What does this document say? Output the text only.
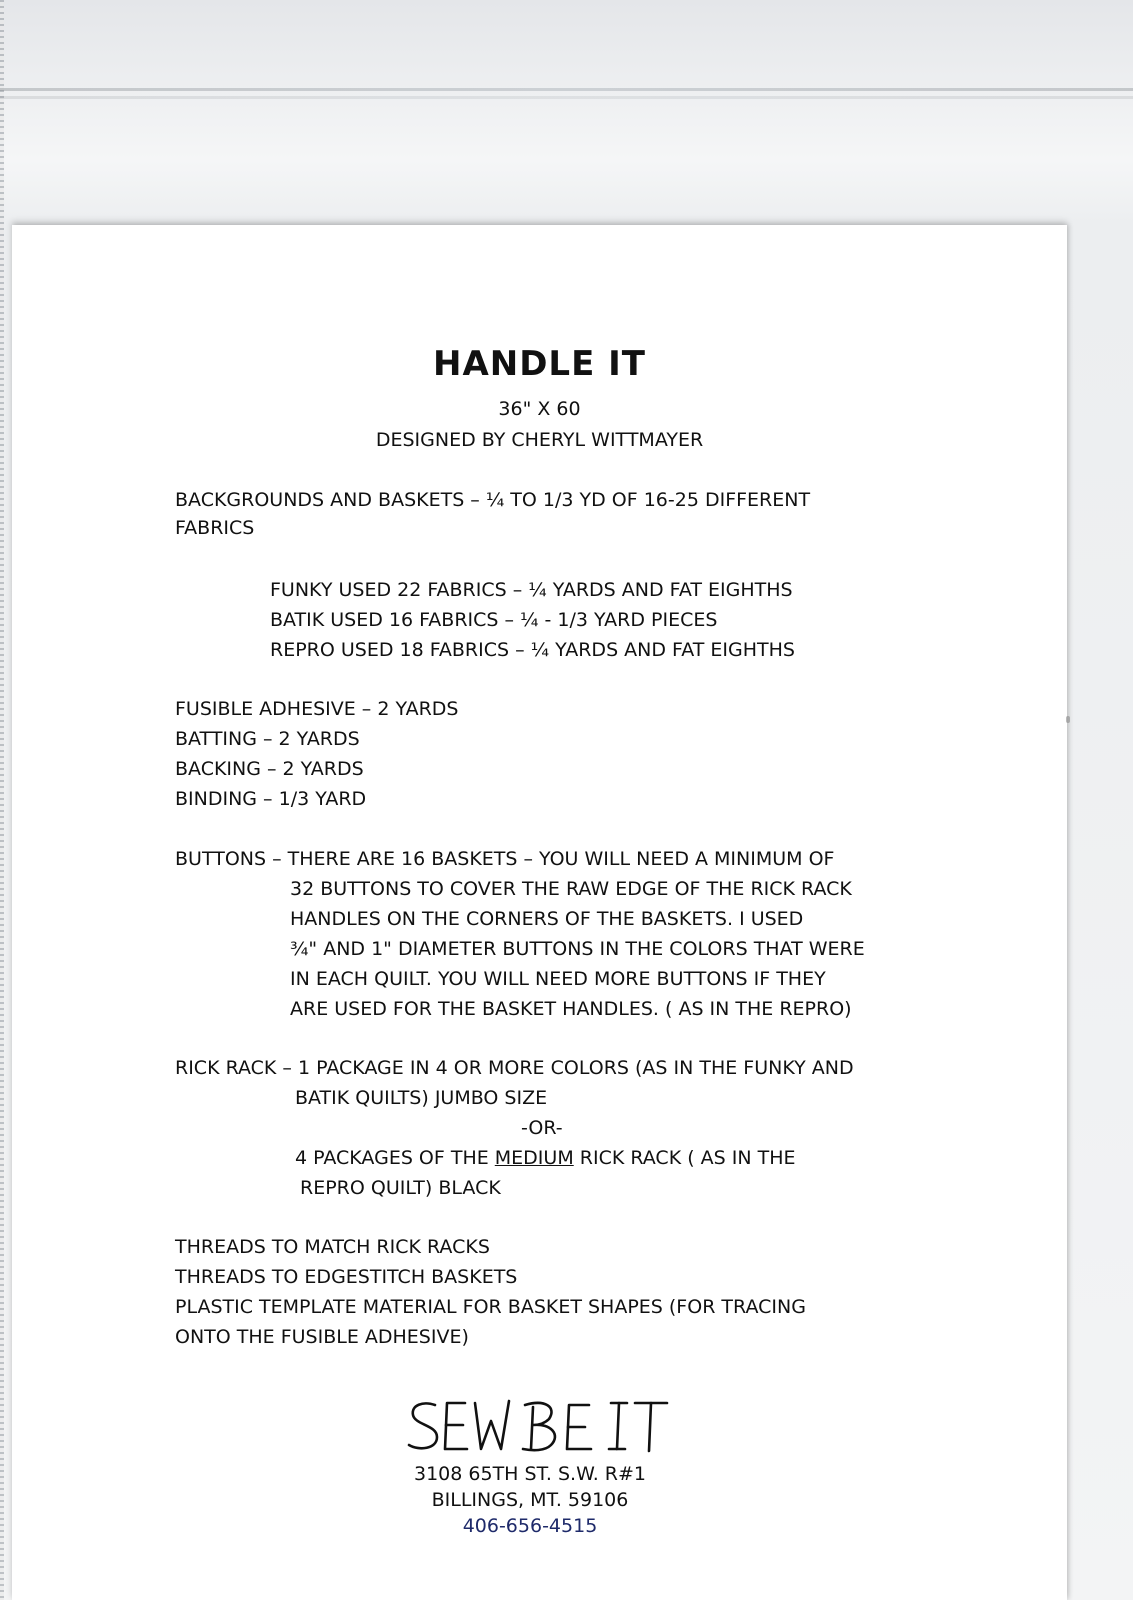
HANDLE IT
36" X 60
DESIGNED BY CHERYL WITTMAYER
BACKGROUNDS AND BASKETS – ¼ TO 1/3 YD OF 16-25 DIFFERENT
FABRICS
FUNKY USED 22 FABRICS – ¼ YARDS AND FAT EIGHTHS
BATIK USED 16 FABRICS – ¼ - 1/3 YARD PIECES
REPRO USED 18 FABRICS – ¼ YARDS AND FAT EIGHTHS
FUSIBLE ADHESIVE – 2 YARDS
BATTING – 2 YARDS
BACKING – 2 YARDS
BINDING – 1/3 YARD
BUTTONS – THERE ARE 16 BASKETS – YOU WILL NEED A MINIMUM OF
32 BUTTONS TO COVER THE RAW EDGE OF THE RICK RACK
HANDLES ON THE CORNERS OF THE BASKETS. I USED
¾" AND 1" DIAMETER BUTTONS IN THE COLORS THAT WERE
IN EACH QUILT. YOU WILL NEED MORE BUTTONS IF THEY
ARE USED FOR THE BASKET HANDLES. ( AS IN THE REPRO)
RICK RACK – 1 PACKAGE IN 4 OR MORE COLORS (AS IN THE FUNKY AND
BATIK QUILTS) JUMBO SIZE
-OR-
4 PACKAGES OF THE MEDIUM RICK RACK ( AS IN THE
REPRO QUILT) BLACK
THREADS TO MATCH RICK RACKS
THREADS TO EDGESTITCH BASKETS
PLASTIC TEMPLATE MATERIAL FOR BASKET SHAPES (FOR TRACING
ONTO THE FUSIBLE ADHESIVE)
3108 65TH ST. S.W. R#1
BILLINGS, MT. 59106
406-656-4515
